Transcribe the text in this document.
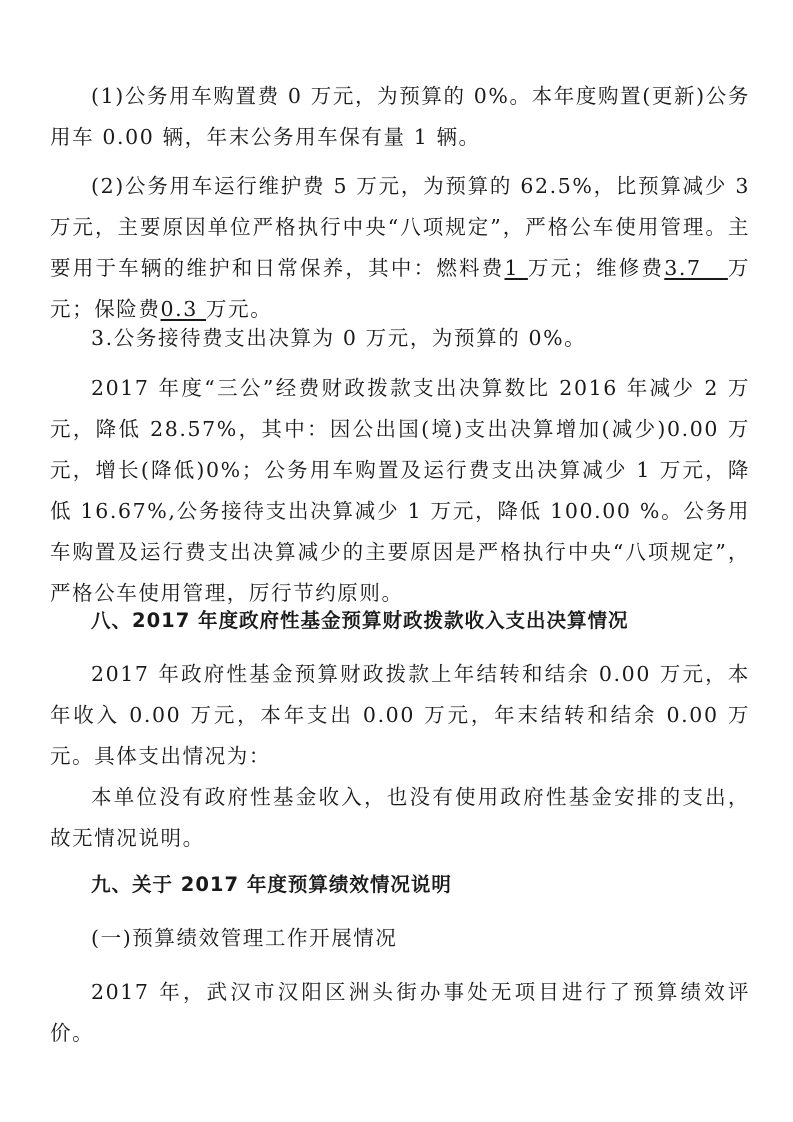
(1)公务用车购置费 0 万元，为预算的 0%。本年度购置(更新)公务用车 0.00 辆，年末公务用车保有量 1 辆。

(2)公务用车运行维护费 5 万元，为预算的 62.5%，比预算减少 3 万元，主要原因单位严格执行中央“八项规定”，严格公车使用管理。主要用于车辆的维护和日常保养，其中：燃料费1 万元；维修费3.7   万元；保险费0.3 万元。

3.公务接待费支出决算为 0 万元，为预算的 0%。

2017 年度“三公”经费财政拨款支出决算数比 2016 年减少 2 万元，降低 28.57%，其中：因公出国(境)支出决算增加(减少)0.00 万元，增长(降低)0%；公务用车购置及运行费支出决算减少 1 万元，降低 16.67%,公务接待支出决算减少 1 万元，降低 100.00 %。公务用车购置及运行费支出决算减少的主要原因是严格执行中央“八项规定”，严格公车使用管理，厉行节约原则。

八、2017 年度政府性基金预算财政拨款收入支出决算情况

2017 年政府性基金预算财政拨款上年结转和结余 0.00 万元，本年收入 0.00 万元，本年支出 0.00 万元，年末结转和结余 0.00 万元。具体支出情况为：

本单位没有政府性基金收入，也没有使用政府性基金安排的支出，故无情况说明。

九、关于 2017 年度预算绩效情况说明

(一)预算绩效管理工作开展情况

2017 年，武汉市汉阳区洲头街办事处无项目进行了预算绩效评价。
